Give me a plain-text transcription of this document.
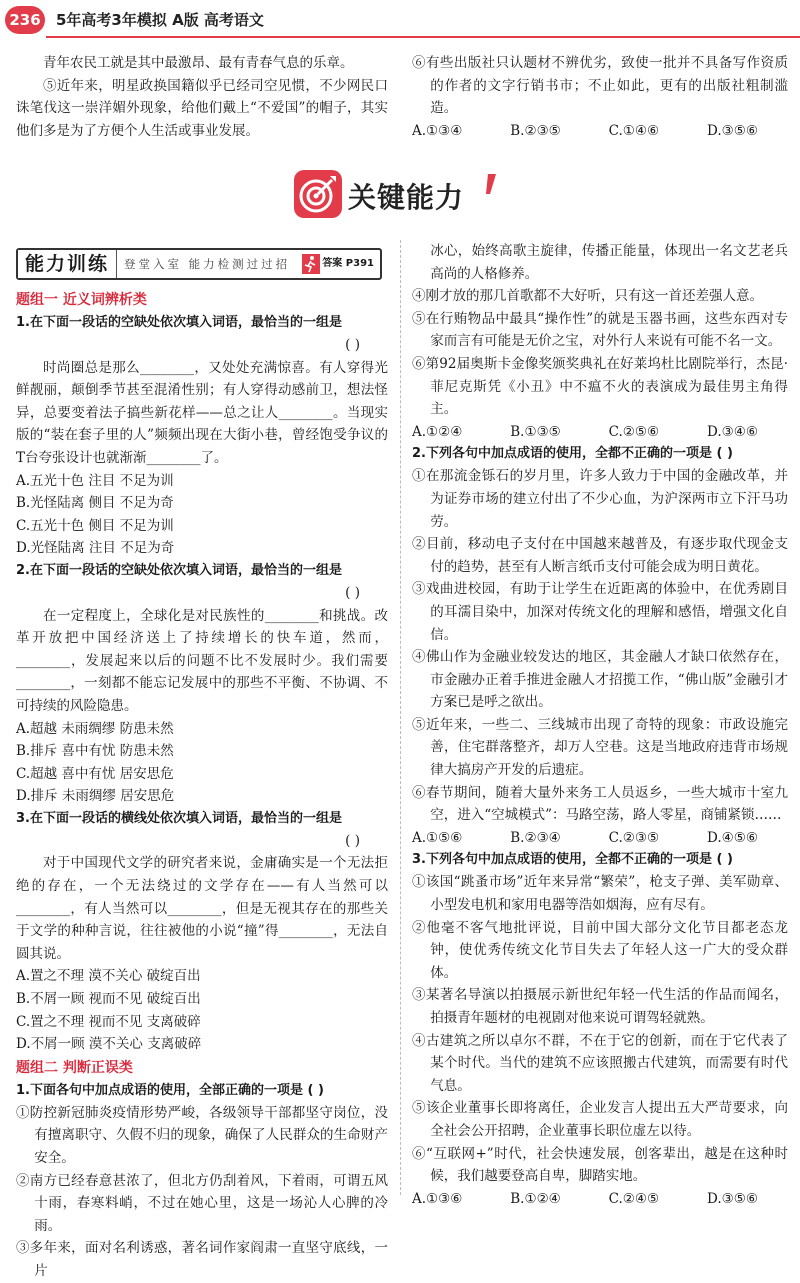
236 5年高考3年模拟 A版 高考语文

青年农民工就是其中最激昂、最有青春气息的乐章。

⑤近年来，明星政换国籍似乎已经司空见惯，不少网民口诛笔伐这一崇洋媚外现象，给他们戴上“不爱国”的帽子，其实他们多是为了方便个人生活或事业发展。

⑥有些出版社只认题材不辨优劣，致使一批并不具备写作资质的作者的文字行销书市；不止如此，更有的出版社粗制滥造。

A.①③④	B.②③⑤	C.①④⑥	D.③⑤⑥
关键能力
能力训练	登堂入室 能力检测过过招	答案 P391
题组一 近义词辨析类

1.在下面一段话的空缺处依次填入词语，最恰当的一组是

( )

时尚圈总是那么________，又处处充满惊喜。有人穿得光鲜靓丽，颠倒季节甚至混淆性别；有人穿得动感前卫，想法怪异，总要变着法子搞些新花样——总之让人________。当现实版的“装在套子里的人”频频出现在大街小巷，曾经饱受争议的T台夸张设计也就渐渐________了。

A.五光十色 注目 不足为训

B.光怪陆离 侧目 不足为奇

C.五光十色 侧目 不足为训

D.光怪陆离 注目 不足为奇

2.在下面一段话的空缺处依次填入词语，最恰当的一组是

( )

在一定程度上，全球化是对民族性的________和挑战。改革开放把中国经济送上了持续增长的快车道，然而，________，发展起来以后的问题不比不发展时少。我们需要________，一刻都不能忘记发展中的那些不平衡、不协调、不可持续的风险隐患。

A.超越 未雨绸缪 防患未然

B.排斥 喜中有忧 防患未然

C.超越 喜中有忧 居安思危

D.排斥 未雨绸缪 居安思危

3.在下面一段话的横线处依次填入词语，最恰当的一组是

( )

对于中国现代文学的研究者来说，金庸确实是一个无法拒绝的存在，一个无法绕过的文学存在——有人当然可以________，有人当然可以________，但是无视其存在的那些关于文学的种种言说，往往被他的小说“撞”得________，无法自圆其说。

A.置之不理 漠不关心 破绽百出

B.不屑一顾 视而不见 破绽百出

C.置之不理 视而不见 支离破碎

D.不屑一顾 漠不关心 支离破碎

题组二 判断正误类

1.下面各句中加点成语的使用，全部正确的一项是 ( )

①防控新冠肺炎疫情形势严峻，各级领导干部都坚守岗位，没有擅离职守、久假不归的现象，确保了人民群众的生命财产安全。

②南方已经春意甚浓了，但北方仍刮着风，下着雨，可谓五风十雨，春寒料峭，不过在她心里，这是一场沁人心脾的冷雨。

③多年来，面对名利诱惑，著名词作家阎肃一直坚守底线，一片

冰心，始终高歌主旋律，传播正能量，体现出一名文艺老兵高尚的人格修养。

④刚才放的那几首歌都不大好听，只有这一首还差强人意。

⑤在行贿物品中最具“操作性”的就是玉器书画，这些东西对专家而言有可能是无价之宝，对外行人来说有可能不名一文。

⑥第92届奥斯卡金像奖颁奖典礼在好莱坞杜比剧院举行，杰昆·菲尼克斯凭《小丑》中不瘟不火的表演成为最佳男主角得主。

A.①②④	B.①③⑤	C.②⑤⑥	D.③④⑥

2.下列各句中加点成语的使用，全都不正确的一项是 ( )

①在那流金铄石的岁月里，许多人致力于中国的金融改革，并为证券市场的建立付出了不少心血，为沪深两市立下汗马功劳。

②目前，移动电子支付在中国越来越普及，有逐步取代现金支付的趋势，甚至有人断言纸币支付可能会成为明日黄花。

③戏曲进校园，有助于让学生在近距离的体验中，在优秀剧目的耳濡目染中，加深对传统文化的理解和感悟，增强文化自信。

④佛山作为金融业较发达的地区，其金融人才缺口依然存在，市金融办正着手推进金融人才招揽工作，“佛山版”金融引才方案已是呼之欲出。

⑤近年来，一些二、三线城市出现了奇特的现象：市政设施完善，住宅群落整齐，却万人空巷。这是当地政府违背市场规律大搞房产开发的后遗症。

⑥春节期间，随着大量外来务工人员返乡，一些大城市十室九空，进入“空城模式”：马路空荡，路人零星，商铺紧锁……

A.①⑤⑥	B.②③④	C.②③⑤	D.④⑤⑥

3.下列各句中加点成语的使用，全都不正确的一项是 ( )

①该国“跳蚤市场”近年来异常“繁荣”，枪支子弹、美军勋章、小型发电机和家用电器等浩如烟海，应有尽有。

②他毫不客气地批评说，目前中国大部分文化节目都老态龙钟，使优秀传统文化节目失去了年轻人这一广大的受众群体。

③某著名导演以拍摄展示新世纪年轻一代生活的作品而闻名，拍摄青年题材的电视剧对他来说可谓驾轻就熟。

④古建筑之所以卓尔不群，不在于它的创新，而在于它代表了某个时代。当代的建筑不应该照搬古代建筑，而需要有时代气息。

⑤该企业董事长即将离任，企业发言人提出五大严苛要求，向全社会公开招聘，企业董事长职位虚左以待。

⑥“互联网+”时代，社会快速发展，创客辈出，越是在这种时候，我们越要登高自卑，脚踏实地。

A.①③⑥	B.①②④	C.②④⑤	D.③⑤⑥
